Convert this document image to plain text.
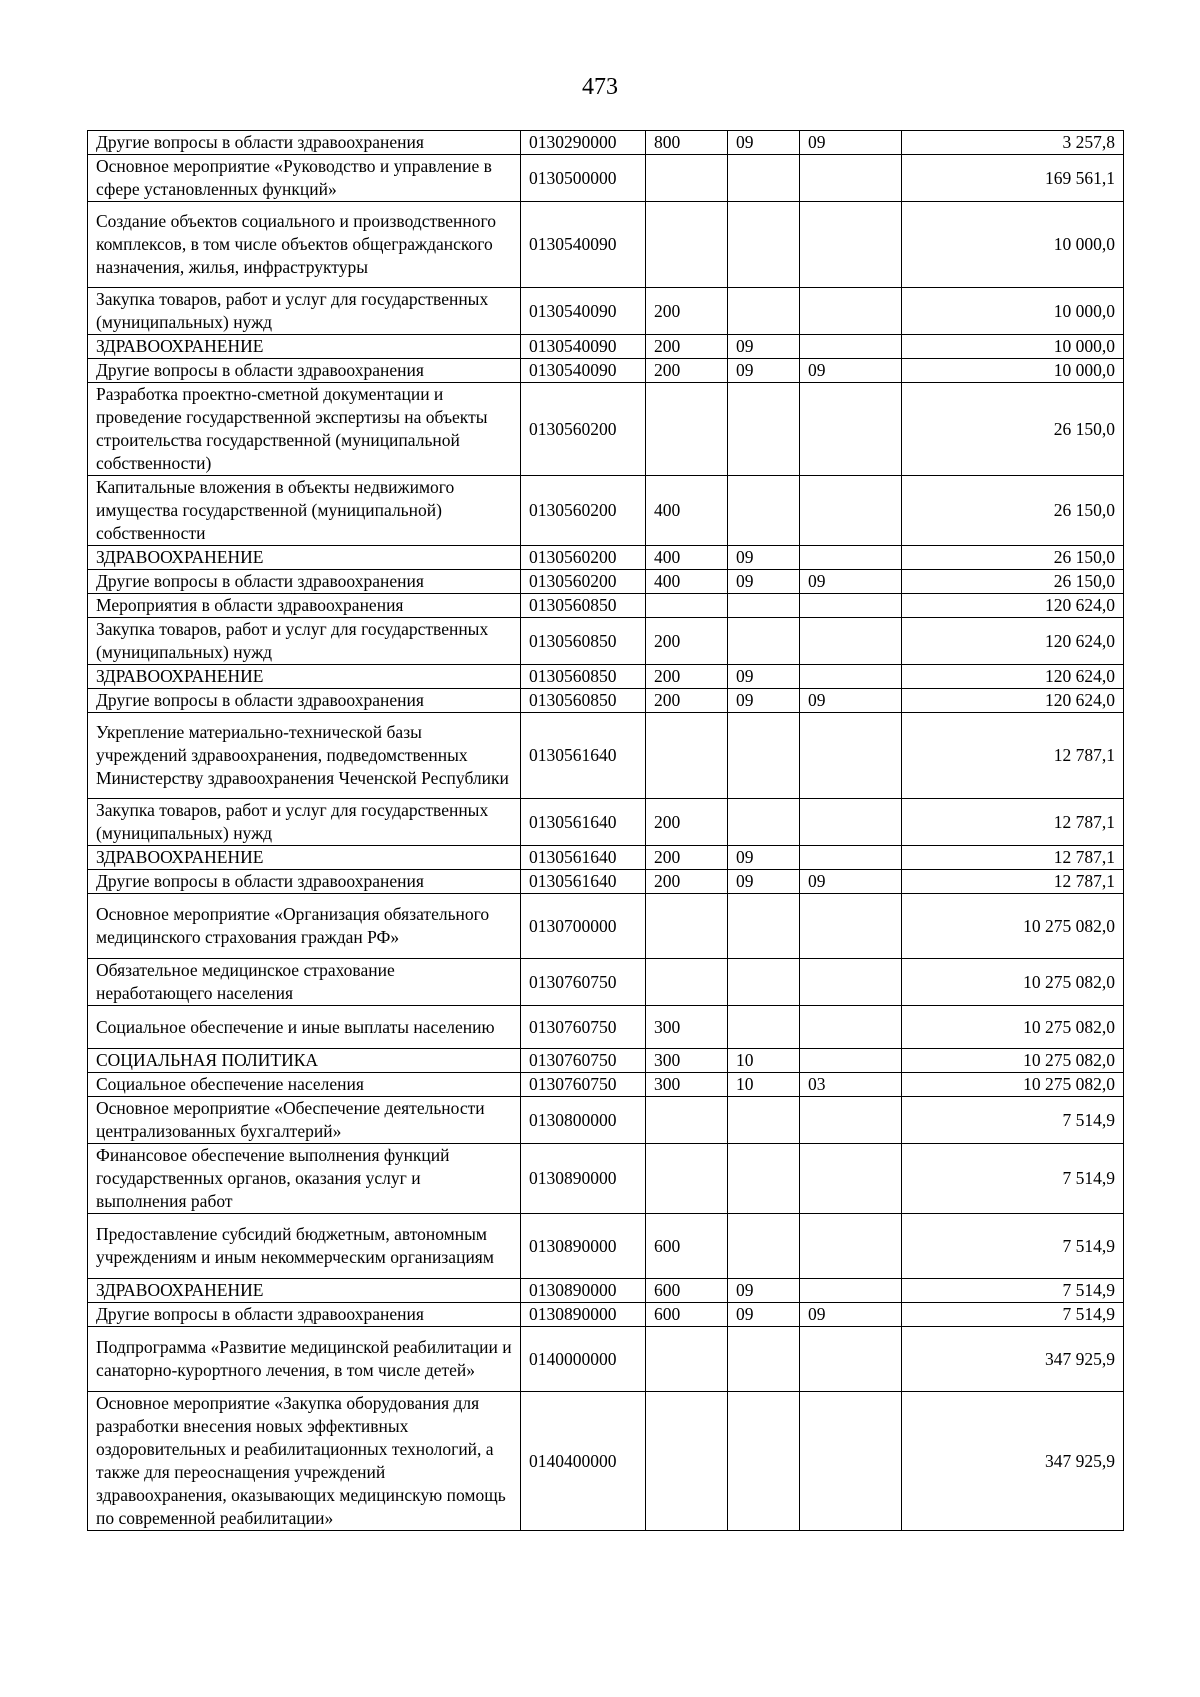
473
Другие вопросы в области здравоохранения	0130290000	800	09	09	3 257,8
Основное мероприятие «Руководство и управление в сфере установленных функций»	0130500000				169 561,1
Создание объектов социального и производственного комплексов, в том числе объектов общегражданского назначения, жилья, инфраструктуры	0130540090				10 000,0
Закупка товаров, работ и услуг для государственных (муниципальных) нужд	0130540090	200			10 000,0
ЗДРАВООХРАНЕНИЕ	0130540090	200	09		10 000,0
Другие вопросы в области здравоохранения	0130540090	200	09	09	10 000,0
Разработка проектно-сметной документации и проведение государственной экспертизы на объекты строительства государственной (муниципальной собственности)	0130560200				26 150,0
Капитальные вложения в объекты недвижимого имущества государственной (муниципальной) собственности	0130560200	400			26 150,0
ЗДРАВООХРАНЕНИЕ	0130560200	400	09		26 150,0
Другие вопросы в области здравоохранения	0130560200	400	09	09	26 150,0
Мероприятия в области здравоохранения	0130560850				120 624,0
Закупка товаров, работ и услуг для государственных (муниципальных) нужд	0130560850	200			120 624,0
ЗДРАВООХРАНЕНИЕ	0130560850	200	09		120 624,0
Другие вопросы в области здравоохранения	0130560850	200	09	09	120 624,0
Укрепление материально-технической базы учреждений здравоохранения, подведомственных Министерству здравоохранения Чеченской Республики	0130561640				12 787,1
Закупка товаров, работ и услуг для государственных (муниципальных) нужд	0130561640	200			12 787,1
ЗДРАВООХРАНЕНИЕ	0130561640	200	09		12 787,1
Другие вопросы в области здравоохранения	0130561640	200	09	09	12 787,1
Основное мероприятие «Организация обязательного медицинского страхования граждан РФ»	0130700000				10 275 082,0
Обязательное медицинское страхование неработающего населения	0130760750				10 275 082,0
Социальное обеспечение и иные выплаты населению	0130760750	300			10 275 082,0
СОЦИАЛЬНАЯ ПОЛИТИКА	0130760750	300	10		10 275 082,0
Социальное обеспечение населения	0130760750	300	10	03	10 275 082,0
Основное мероприятие «Обеспечение деятельности централизованных бухгалтерий»	0130800000				7 514,9
Финансовое обеспечение выполнения функций государственных органов, оказания услуг и выполнения работ	0130890000				7 514,9
Предоставление субсидий бюджетным, автономным учреждениям и иным некоммерческим организациям	0130890000	600			7 514,9
ЗДРАВООХРАНЕНИЕ	0130890000	600	09		7 514,9
Другие вопросы в области здравоохранения	0130890000	600	09	09	7 514,9
Подпрограмма «Развитие медицинской реабилитации и санаторно-курортного лечения, в том числе детей»	0140000000				347 925,9
Основное мероприятие «Закупка оборудования для разработки внесения новых эффективных оздоровительных и реабилитационных технологий, а также для переоснащения учреждений здравоохранения, оказывающих медицинскую помощь по современной реабилитации»	0140400000				347 925,9
